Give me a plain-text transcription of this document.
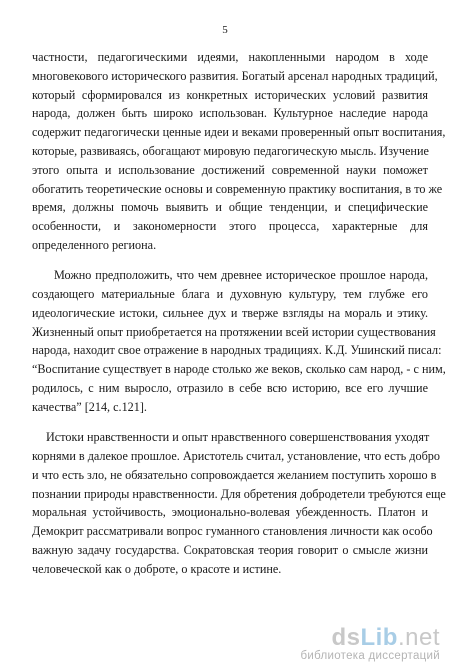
5

частности, педагогическими идеями, накопленными народом в ходе
многовекового исторического развития. Богатый арсенал народных традиций,
который сформировался из конкретных исторических условий развития
народа, должен быть широко использован. Культурное наследие народа
содержит педагогически ценные идеи и веками проверенный опыт воспитания,
которые, развиваясь, обогащают мировую педагогическую мысль. Изучение
этого опыта и использование достижений современной науки поможет
обогатить теоретические основы и современную практику воспитания, в то же
время, должны помочь выявить и общие тенденции, и специфические
особенности, и закономерности этого процесса, характерные для
определенного региона.

Можно предположить, что чем древнее историческое прошлое народа,
создающего материальные блага и духовную культуру, тем глубже его
идеологические истоки, сильнее дух и тверже взгляды на мораль и этику.
Жизненный опыт приобретается на протяжении всей истории существования
народа, находит свое отражение в народных традициях. К.Д. Ушинский писал:
“Воспитание существует в народе столько же веков, сколько сам народ, - с ним,
родилось, с ним выросло, отразило в себе всю историю, все его лучшие
качества” [214, с.121].

Истоки нравственности и опыт нравственного совершенствования уходят
корнями в далекое прошлое. Аристотель считал, установление, что есть добро
и что есть зло, не обязательно сопровождается желанием поступить хорошо в
познании природы нравственности. Для обретения добродетели требуются еще
моральная устойчивость, эмоционально-волевая убежденность. Платон и
Демокрит рассматривали вопрос гуманного становления личности как особо
важную задачу государства. Сократовская теория говорит о смысле жизни
человеческой как о доброте, о красоте и истине.

dsLib.net
библиотека диссертаций
